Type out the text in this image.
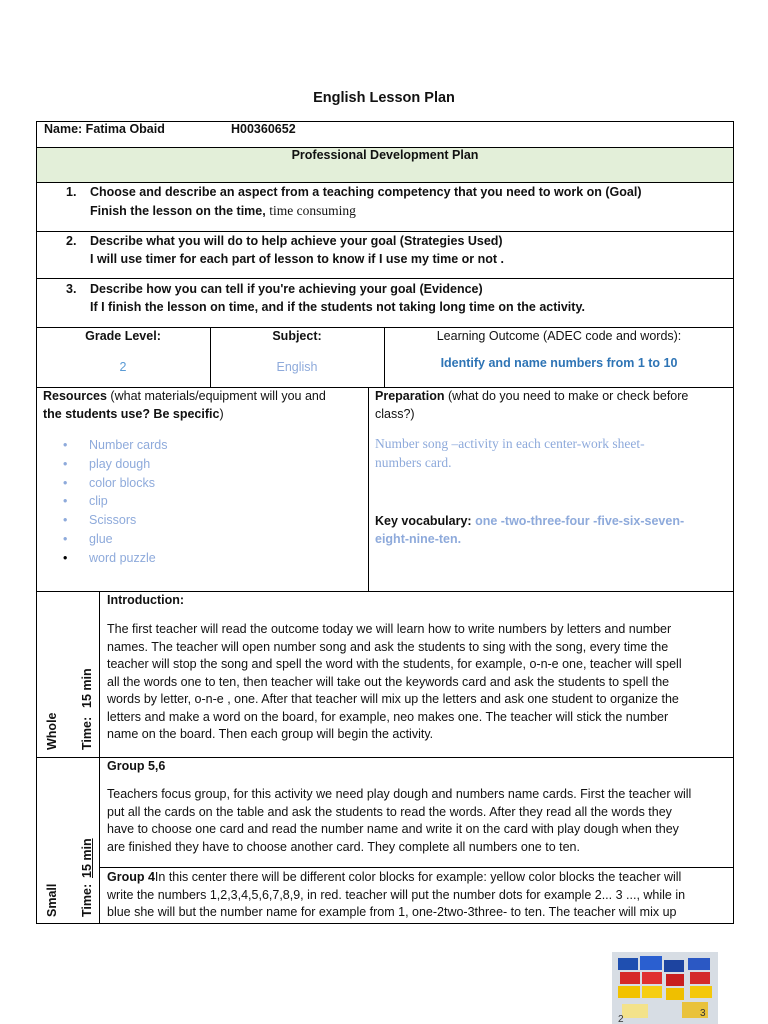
English Lesson Plan
Name: Fatima Obaid	H00360652
Professional Development Plan
1. Choose and describe an aspect from a teaching competency that you need to work on (Goal)
Finish the lesson on the time, time consuming
2. Describe what you will do to help achieve your goal (Strategies Used)
I will use timer for each part of lesson to know if I use my time or not .
3. Describe how you can tell if you're achieving your goal (Evidence)
If I finish the lesson on time, and if the students not taking long time on the activity.
Grade Level:
2
Subject:
English
Learning Outcome (ADEC code and words):
Identify and name numbers from 1 to 10
Resources (what materials/equipment will you and
the students use? Be specific)
• Number cards
• play dough
• color blocks
• clip
• Scissors
• glue
• word puzzle
Preparation (what do you need to make or check before
class?)
Number song –activity in each center-work sheet-
numbers card.
Key vocabulary: one -two-three-four -five-six-seven-
eight-nine-ten.
Whole Time:
15 min
Introduction:
The first teacher will read the outcome today we will learn how to write numbers by letters and number
names. The teacher will open number song and ask the students to sing with the song, every time the
teacher will stop the song and spell the word with the students, for example, o-n-e one, teacher will spell
all the words one to ten, then teacher will take out the keywords card and ask the students to spell the
words by letter, o-n-e , one. After that teacher will mix up the letters and ask one student to organize the
letters and make a word on the board, for example, neo makes one. The teacher will stick the number
name on the board. Then each group will begin the activity.
Small Time:
15 min
Group 5,6
Teachers focus group, for this activity we need play dough and numbers name cards. First the teacher will
put all the cards on the table and ask the students to read the words. After they read all the words they
have to choose one card and read the number name and write it on the card with play dough when they
are finished they have to choose another card. They complete all numbers one to ten.
Group 4In this center there will be different color blocks for example: yellow color blocks the teacher will
write the numbers 1,2,3,4,5,6,7,8,9, in red. teacher will put the number dots for example 2... 3 ..., while in
blue she will but the number name for example from 1, one-2two-3three- to ten. The teacher will mix up
2
3
